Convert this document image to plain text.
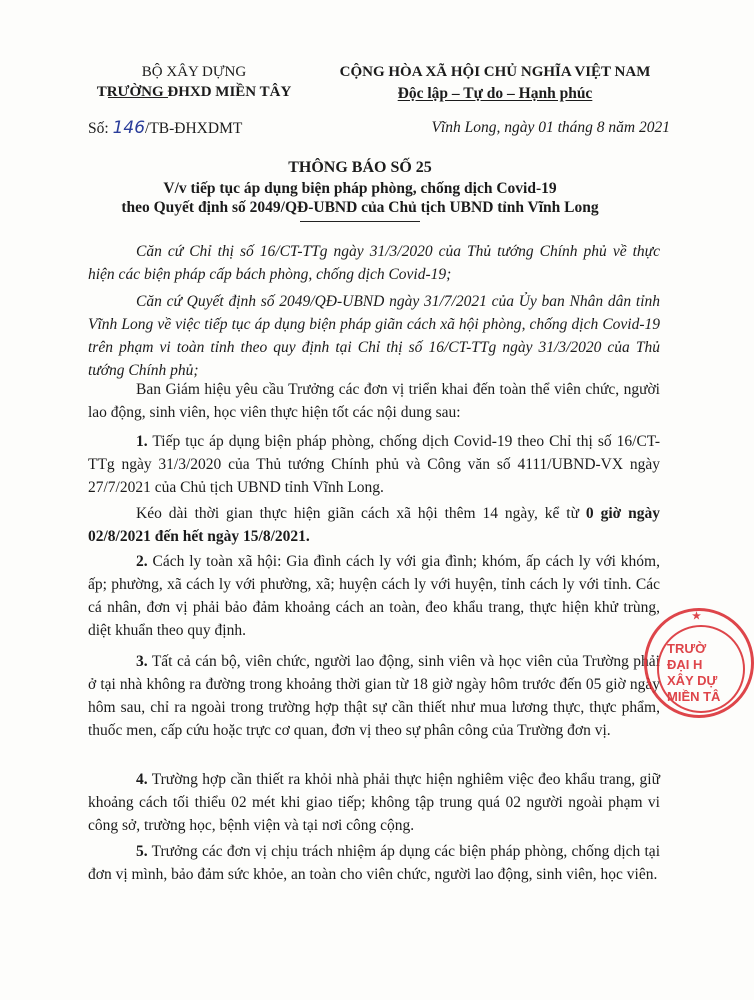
BỘ XÂY DỰNG
TRƯỜNG ĐHXD MIỀN TÂY
Số: 146/TB-ĐHXDMT
CỘNG HÒA XÃ HỘI CHỦ NGHĨA VIỆT NAM
Độc lập – Tự do – Hạnh phúc
Vĩnh Long, ngày 01 tháng 8 năm 2021
THÔNG BÁO SỐ 25
V/v tiếp tục áp dụng biện pháp phòng, chống dịch Covid-19
theo Quyết định số 2049/QĐ-UBND của Chủ tịch UBND tỉnh Vĩnh Long
Căn cứ Chỉ thị số 16/CT-TTg ngày 31/3/2020 của Thủ tướng Chính phủ về thực hiện các biện pháp cấp bách phòng, chống dịch Covid-19;
Căn cứ Quyết định số 2049/QĐ-UBND ngày 31/7/2021 của Ủy ban Nhân dân tỉnh Vĩnh Long về việc tiếp tục áp dụng biện pháp giãn cách xã hội phòng, chống dịch Covid-19 trên phạm vi toàn tỉnh theo quy định tại Chỉ thị số 16/CT-TTg ngày 31/3/2020 của Thủ tướng Chính phủ;
Ban Giám hiệu yêu cầu Trưởng các đơn vị triển khai đến toàn thể viên chức, người lao động, sinh viên, học viên thực hiện tốt các nội dung sau:
1. Tiếp tục áp dụng biện pháp phòng, chống dịch Covid-19 theo Chỉ thị số 16/CT-TTg ngày 31/3/2020 của Thủ tướng Chính phủ và Công văn số 4111/UBND-VX ngày 27/7/2021 của Chủ tịch UBND tỉnh Vĩnh Long.
Kéo dài thời gian thực hiện giãn cách xã hội thêm 14 ngày, kể từ 0 giờ ngày 02/8/2021 đến hết ngày 15/8/2021.
2. Cách ly toàn xã hội: Gia đình cách ly với gia đình; khóm, ấp cách ly với khóm, ấp; phường, xã cách ly với phường, xã; huyện cách ly với huyện, tỉnh cách ly với tỉnh. Các cá nhân, đơn vị phải bảo đảm khoảng cách an toàn, đeo khẩu trang, thực hiện khử trùng, diệt khuẩn theo quy định.
3. Tất cả cán bộ, viên chức, người lao động, sinh viên và học viên của Trường phải ở tại nhà không ra đường trong khoảng thời gian từ 18 giờ ngày hôm trước đến 05 giờ ngày hôm sau, chỉ ra ngoài trong trường hợp thật sự cần thiết như mua lương thực, thực phẩm, thuốc men, cấp cứu hoặc trực cơ quan, đơn vị theo sự phân công của Trường đơn vị.
4. Trường hợp cần thiết ra khỏi nhà phải thực hiện nghiêm việc đeo khẩu trang, giữ khoảng cách tối thiểu 02 mét khi giao tiếp; không tập trung quá 02 người ngoài phạm vi công sở, trường học, bệnh viện và tại nơi công cộng.
5. Trưởng các đơn vị chịu trách nhiệm áp dụng các biện pháp phòng, chống dịch tại đơn vị mình, bảo đảm sức khỏe, an toàn cho viên chức, người lao động, sinh viên, học viên.
★
TRƯỜ
ĐẠI H
XÂY DỰ
MIỀN TÂ
